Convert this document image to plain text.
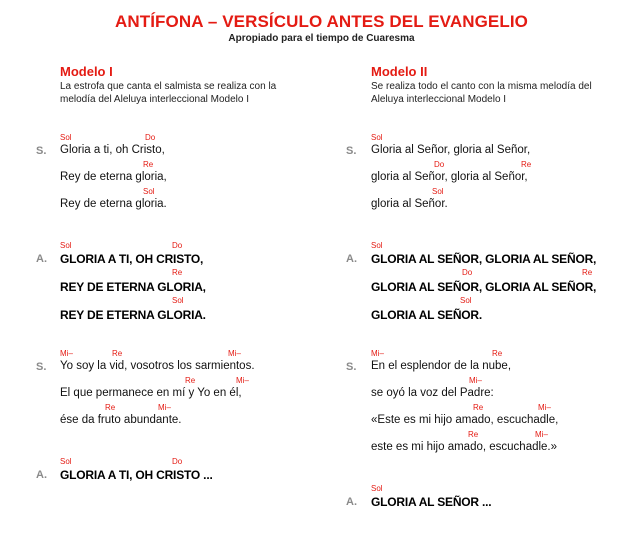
ANTÍFONA – VERSÍCULO ANTES DEL EVANGELIO
Apropiado para el tiempo de Cuaresma
Modelo I
La estrofa que canta el salmista se realiza con la melodía del Aleluya interleccional Modelo I
Sol	Do
S. Gloria a ti, oh Cristo,
Re
Rey de eterna gloria,
Sol
Rey de eterna gloria.
Sol	Do
A. GLORIA A TI, OH CRISTO,
Re
REY DE ETERNA GLORIA,
Sol
REY DE ETERNA GLORIA.
Mi–	Re	Mi–
S. Yo soy la vid, vosotros los sarmientos.
Re	Mi–
El que permanece en mí y Yo en él,
Re	Mi–
ése da fruto abundante.
Sol	Do
A. GLORIA A TI, OH CRISTO ...
Modelo II
Se realiza todo el canto con la misma melodía del Aleluya interleccional Modelo I
Sol
S. Gloria al Señor, gloria al Señor,
Do	Re
gloria al Señor, gloria al Señor,
Sol
gloria al Señor.
Sol
A. GLORIA AL SEÑOR, GLORIA AL SEÑOR,
Do	Re
GLORIA AL SEÑOR, GLORIA AL SEÑOR,
Sol
GLORIA AL SEÑOR.
Mi–	Re
S. En el esplendor de la nube,
Mi–
se oyó la voz del Padre:
Re	Mi–
«Este es mi hijo amado, escuchadle,
Re	Mi–
este es mi hijo amado, escuchadle.»
Sol
A. GLORIA AL SEÑOR ...
